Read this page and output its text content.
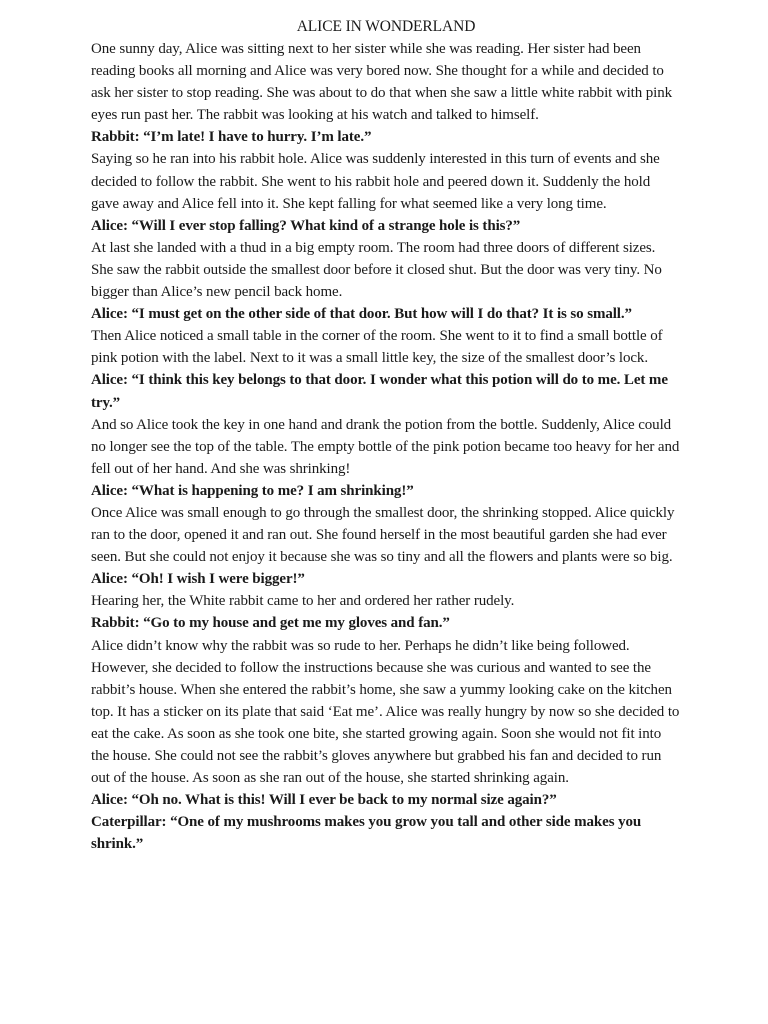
ALICE IN WONDERLAND

One sunny day, Alice was sitting next to her sister while she was reading. Her sister had been reading books all morning and Alice was very bored now. She thought for a while and decided to ask her sister to stop reading. She was about to do that when she saw a little white rabbit with pink eyes run past her. The rabbit was looking at his watch and talked to himself.

Rabbit: “I’m late! I have to hurry. I’m late.”

Saying so he ran into his rabbit hole. Alice was suddenly interested in this turn of events and she decided to follow the rabbit. She went to his rabbit hole and peered down it. Suddenly the hold gave away and Alice fell into it. She kept falling for what seemed like a very long time.

Alice: “Will I ever stop falling? What kind of a strange hole is this?”

At last she landed with a thud in a big empty room. The room had three doors of different sizes. She saw the rabbit outside the smallest door before it closed shut. But the door was very tiny. No bigger than Alice’s new pencil back home.

Alice: “I must get on the other side of that door. But how will I do that? It is so small.”

Then Alice noticed a small table in the corner of the room. She went to it to find a small bottle of pink potion with the label. Next to it was a small little key, the size of the smallest door’s lock.

Alice: “I think this key belongs to that door. I wonder what this potion will do to me. Let me try.”

And so Alice took the key in one hand and drank the potion from the bottle. Suddenly, Alice could no longer see the top of the table. The empty bottle of the pink potion became too heavy for her and fell out of her hand. And she was shrinking!

Alice: “What is happening to me? I am shrinking!”

Once Alice was small enough to go through the smallest door, the shrinking stopped. Alice quickly ran to the door, opened it and ran out. She found herself in the most beautiful garden she had ever seen. But she could not enjoy it because she was so tiny and all the flowers and plants were so big.

Alice: “Oh! I wish I were bigger!”

Hearing her, the White rabbit came to her and ordered her rather rudely.

Rabbit: “Go to my house and get me my gloves and fan.”

Alice didn’t know why the rabbit was so rude to her. Perhaps he didn’t like being followed. However, she decided to follow the instructions because she was curious and wanted to see the rabbit’s house. When she entered the rabbit’s home, she saw a yummy looking cake on the kitchen top. It has a sticker on its plate that said ‘Eat me’. Alice was really hungry by now so she decided to eat the cake. As soon as she took one bite, she started growing again. Soon she would not fit into the house. She could not see the rabbit’s gloves anywhere but grabbed his fan and decided to run out of the house. As soon as she ran out of the house, she started shrinking again.

Alice: “Oh no. What is this! Will I ever be back to my normal size again?”

Caterpillar: “One of my mushrooms makes you grow you tall and other side makes you shrink.”
